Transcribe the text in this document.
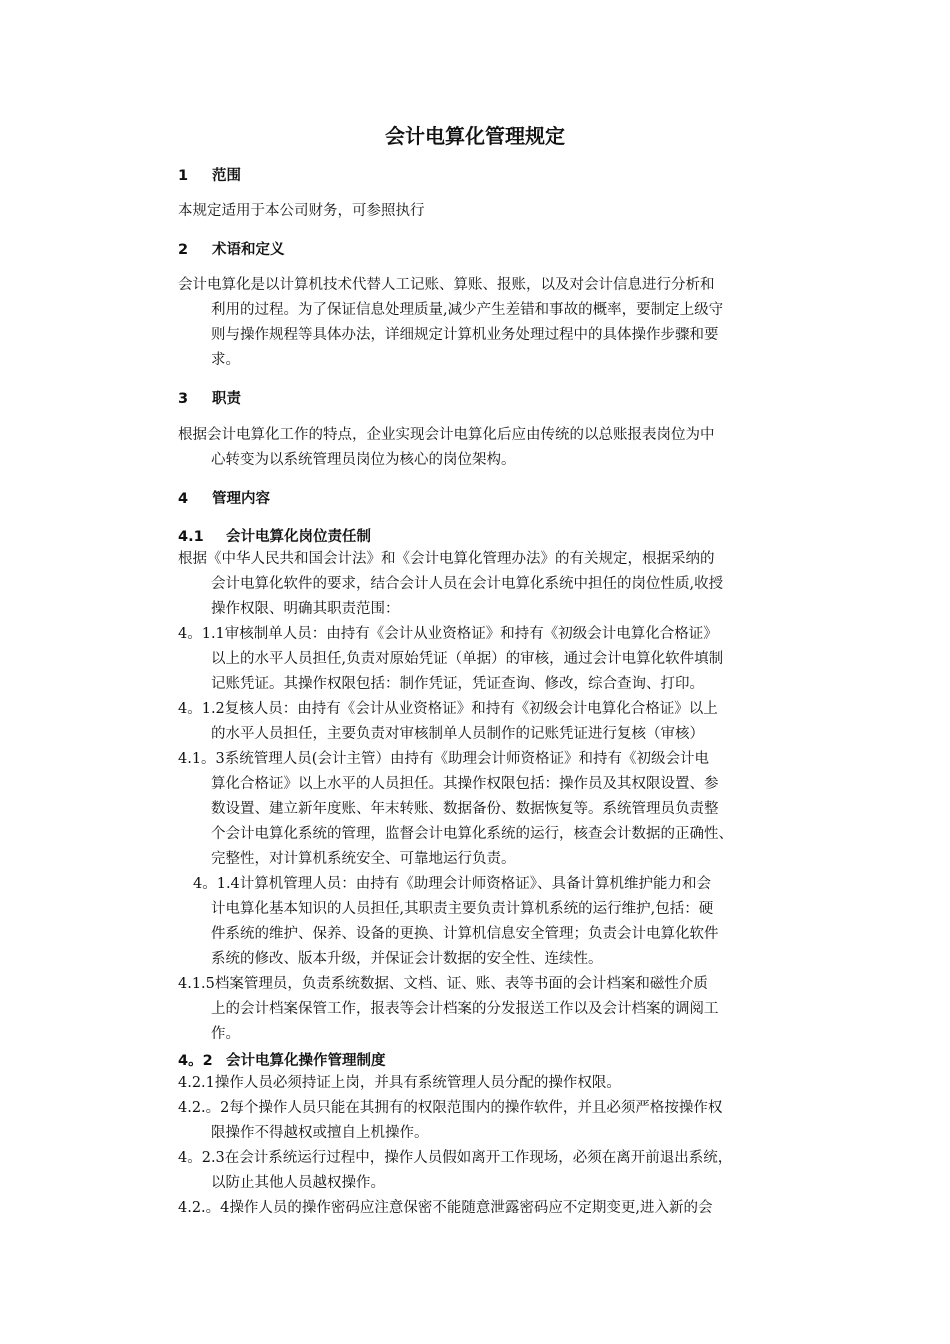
会计电算化管理规定
1 范围
本规定适用于本公司财务，可参照执行
2 术语和定义
会计电算化是以计算机技术代替人工记账、算账、报账，以及对会计信息进行分析和
利用的过程。为了保证信息处理质量,减少产生差错和事故的概率，要制定上级守
则与操作规程等具体办法，详细规定计算机业务处理过程中的具体操作步骤和要
求。
3 职责
根据会计电算化工作的特点，企业实现会计电算化后应由传统的以总账报表岗位为中
心转变为以系统管理员岗位为核心的岗位架构。
4 管理内容
4.1 会计电算化岗位责任制
根据《中华人民共和国会计法》和《会计电算化管理办法》的有关规定，根据采纳的
会计电算化软件的要求，结合会计人员在会计电算化系统中担任的岗位性质,收授
操作权限、明确其职责范围：
4。1.1审核制单人员：由持有《会计从业资格证》和持有《初级会计电算化合格证》
以上的水平人员担任,负责对原始凭证（单据）的审核，通过会计电算化软件填制
记账凭证。其操作权限包括：制作凭证，凭证查询、修改，综合查询、打印。
4。1.2复核人员：由持有《会计从业资格证》和持有《初级会计电算化合格证》以上
的水平人员担任，主要负责对审核制单人员制作的记账凭证进行复核（审核）
4.1。3系统管理人员(会计主管）由持有《助理会计师资格证》和持有《初级会计电
算化合格证》以上水平的人员担任。其操作权限包括：操作员及其权限设置、参
数设置、建立新年度账、年末转账、数据备份、数据恢复等。系统管理员负责整
个会计电算化系统的管理，监督会计电算化系统的运行，核查会计数据的正确性、
完整性，对计算机系统安全、可靠地运行负责。
4。1.4计算机管理人员：由持有《助理会计师资格证》、具备计算机维护能力和会
计电算化基本知识的人员担任,其职责主要负责计算机系统的运行维护,包括：硬
件系统的维护、保养、设备的更换、计算机信息安全管理；负责会计电算化软件
系统的修改、版本升级，并保证会计数据的安全性、连续性。
4.1.5档案管理员，负责系统数据、文档、证、账、表等书面的会计档案和磁性介质
上的会计档案保管工作，报表等会计档案的分发报送工作以及会计档案的调阅工
作。
4。2 会计电算化操作管理制度
4.2.1操作人员必须持证上岗，并具有系统管理人员分配的操作权限。
4.2.。2每个操作人员只能在其拥有的权限范围内的操作软件，并且必须严格按操作权
限操作不得越权或擅自上机操作。
4。2.3在会计系统运行过程中，操作人员假如离开工作现场，必须在离开前退出系统，
以防止其他人员越权操作。
4.2.。4操作人员的操作密码应注意保密不能随意泄露密码应不定期变更,进入新的会
